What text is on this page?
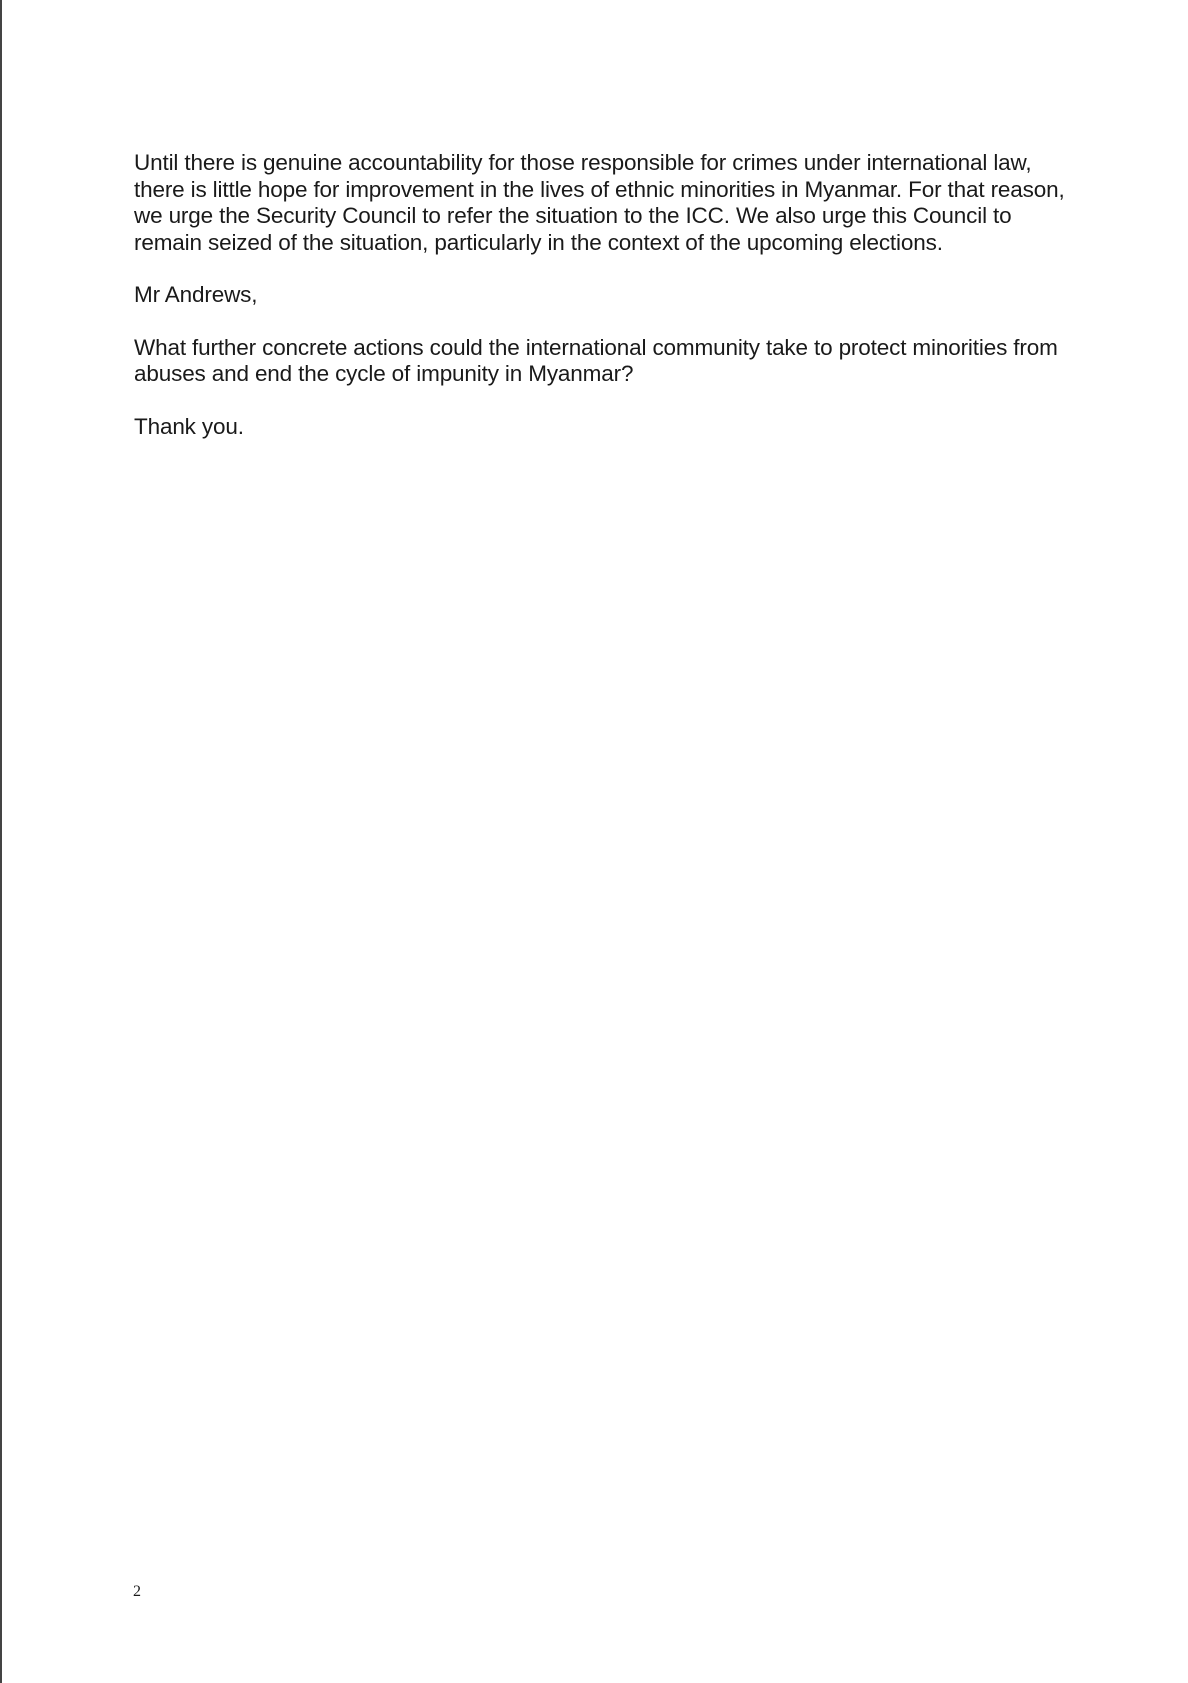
Until there is genuine accountability for those responsible for crimes under international law,
there is little hope for improvement in the lives of ethnic minorities in Myanmar. For that reason,
we urge the Security Council to refer the situation to the ICC. We also urge this Council to
remain seized of the situation, particularly in the context of the upcoming elections.

Mr Andrews,

What further concrete actions could the international community take to protect minorities from
abuses and end the cycle of impunity in Myanmar?

Thank you.

2
